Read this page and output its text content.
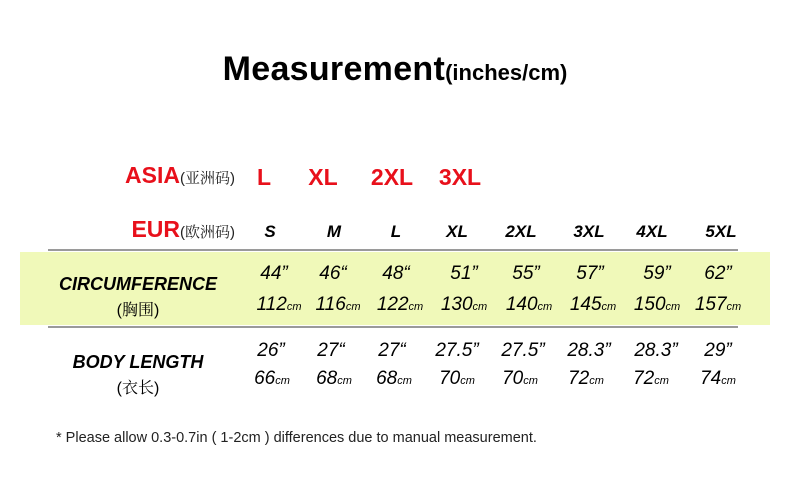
Measurement(inches/cm)
ASIA(亚洲码) L XL 2XL 3XL
EUR(欧洲码) S	M	L	XL 2XL 3XL 4XL 5XL
CIRCUMFERENCE
(胸围)
44” 46“ 48“ 51” 55” 57” 59” 62”
112cm 116cm 122cm 130cm 140cm 145cm 150cm 157cm
BODY LENGTH
(衣长)
26” 27“ 27“ 27.5” 27.5” 28.3” 28.3” 29”
66cm 68cm 68cm 70cm 70cm 72cm 72cm 74cm
* Please allow 0.3-0.7in ( 1-2cm ) differences due to manual measurement.
